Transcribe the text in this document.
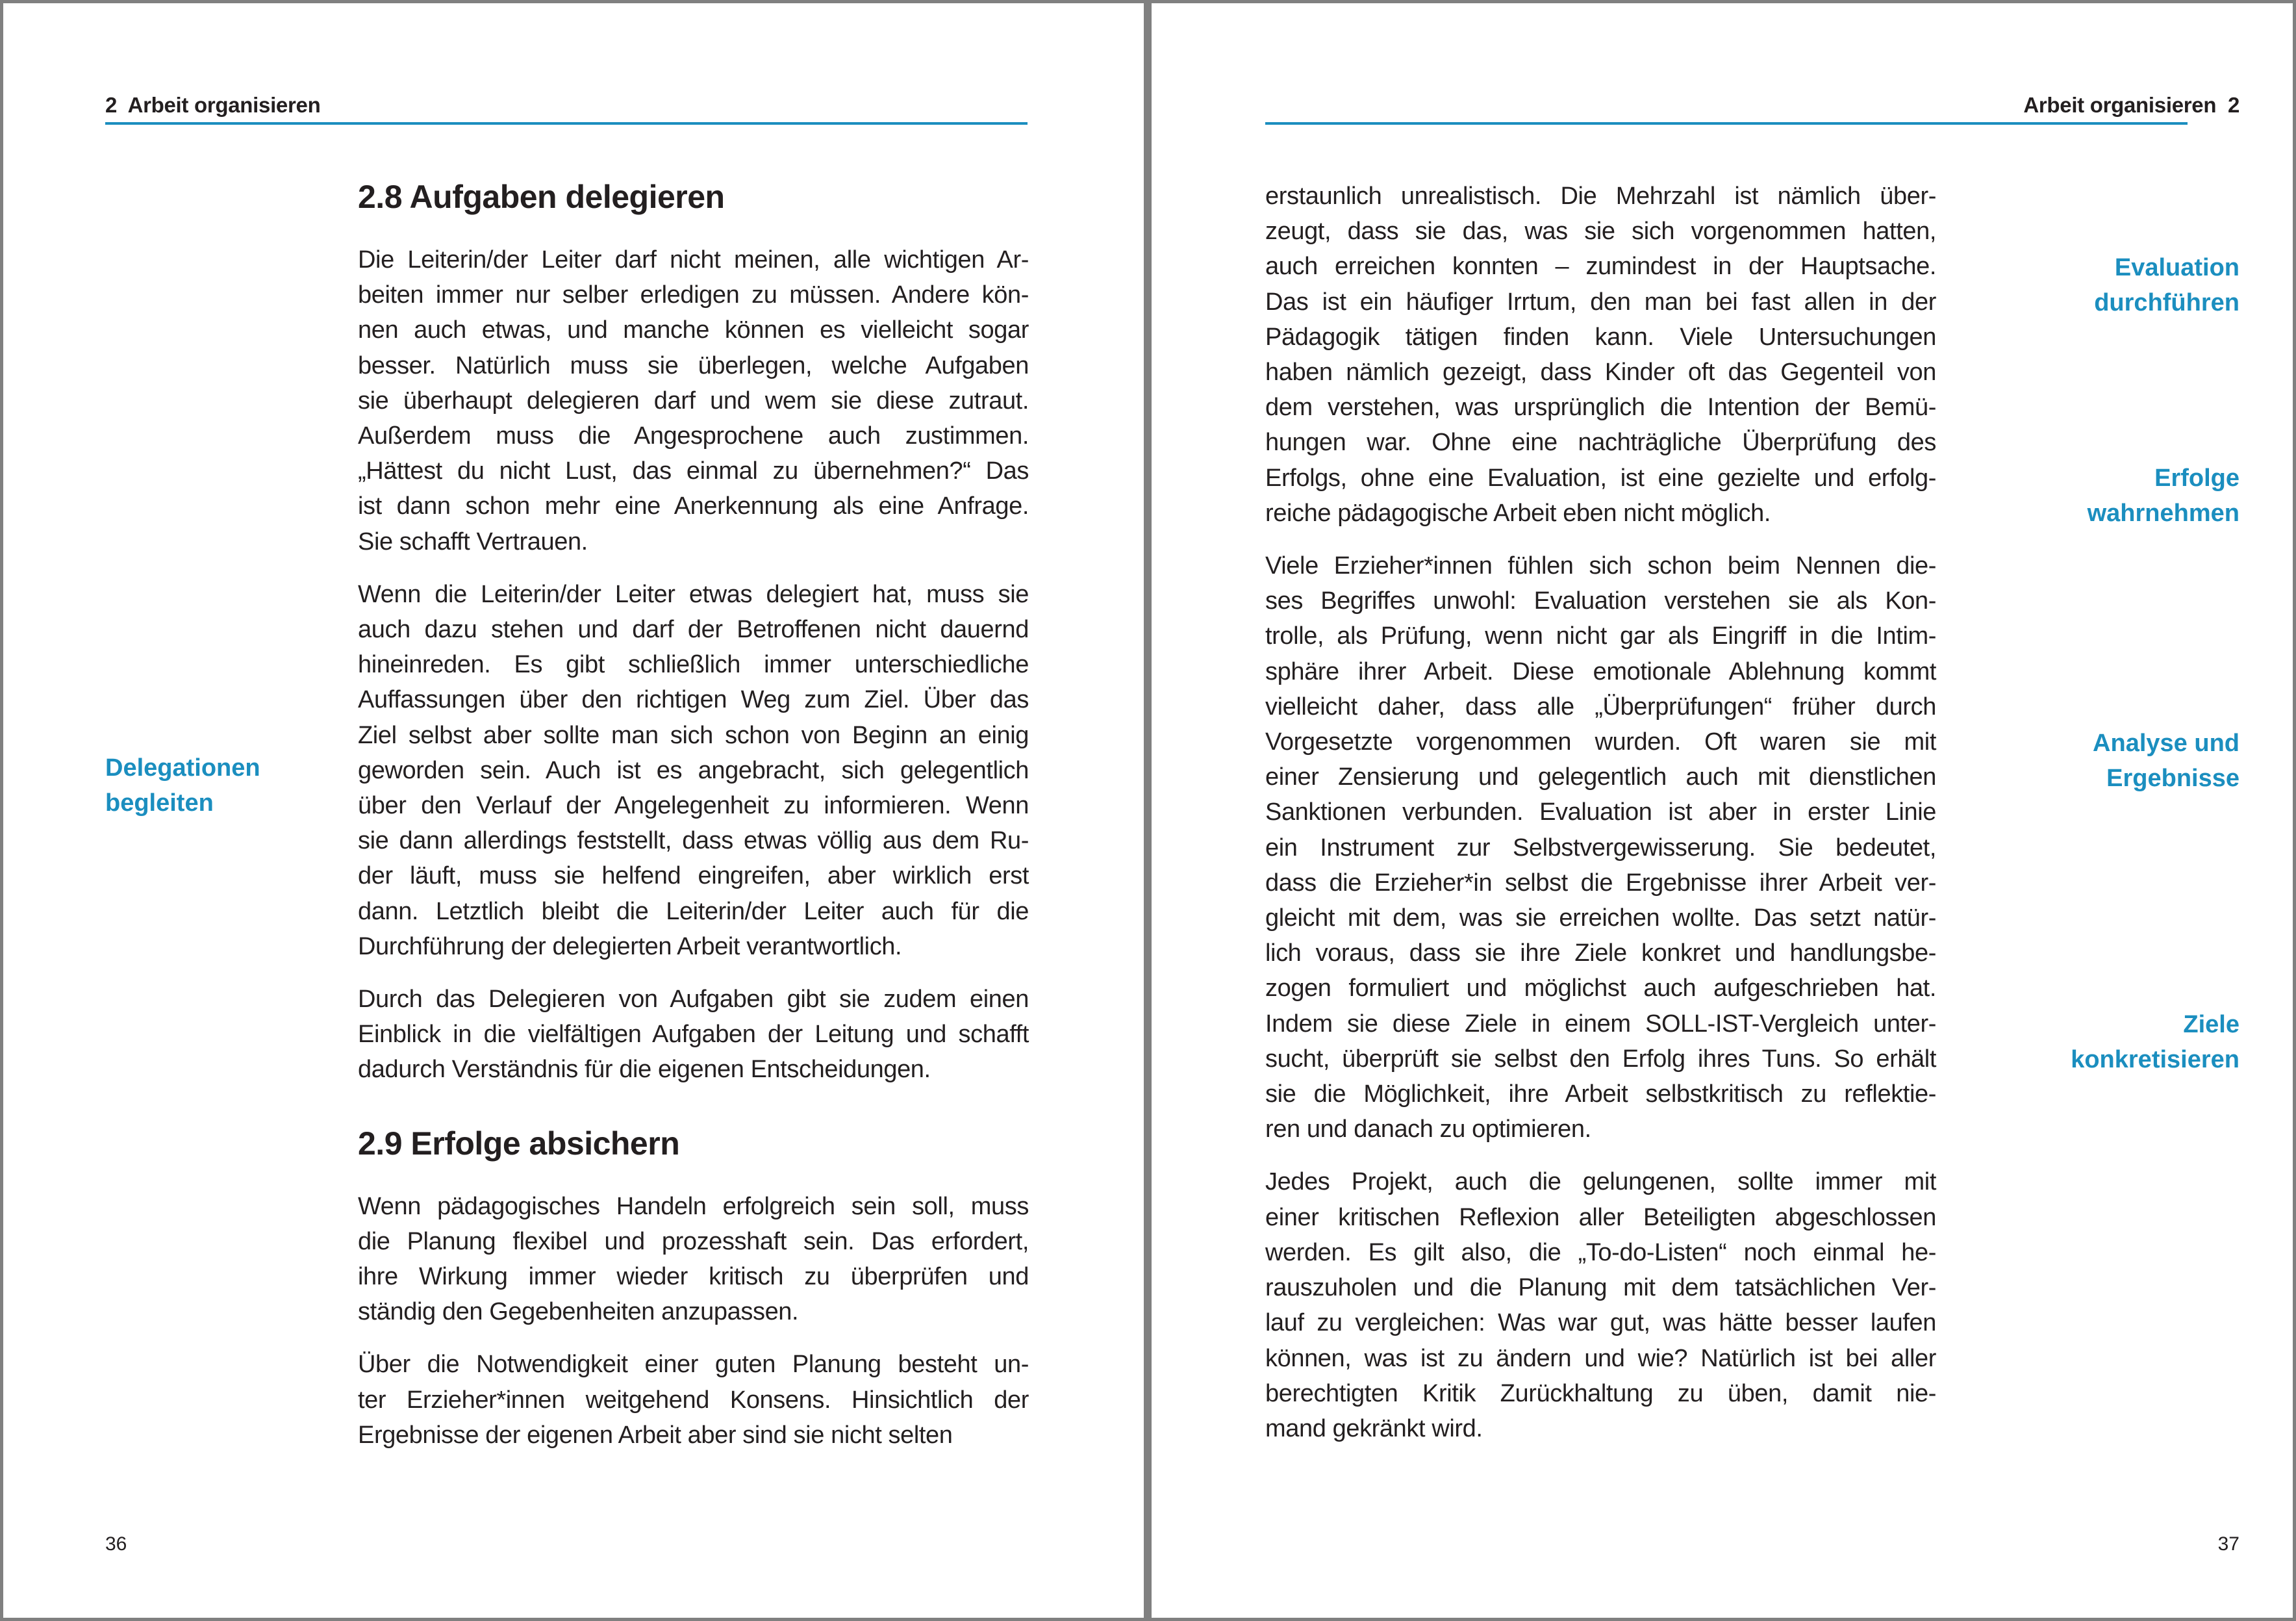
2  Arbeit organisieren
Delegationen
begleiten
2.8 Aufgaben delegieren
Die Leiterin/der Leiter darf nicht meinen, alle wichtigen Ar-
beiten immer nur selber erledigen zu müssen. Andere kön-
nen auch etwas, und manche können es vielleicht sogar
besser. Natürlich muss sie überlegen, welche Aufgaben
sie überhaupt delegieren darf und wem sie diese zutraut.
Außerdem muss die Angesprochene auch zustimmen.
„Hättest du nicht Lust, das einmal zu übernehmen?“ Das
ist dann schon mehr eine Anerkennung als eine Anfrage.
Sie schafft Vertrauen.
Wenn die Leiterin/der Leiter etwas delegiert hat, muss sie
auch dazu stehen und darf der Betroffenen nicht dauernd
hineinreden. Es gibt schließlich immer unterschiedliche
Auffassungen über den richtigen Weg zum Ziel. Über das
Ziel selbst aber sollte man sich schon von Beginn an einig
geworden sein. Auch ist es angebracht, sich gelegentlich
über den Verlauf der Angelegenheit zu informieren. Wenn
sie dann allerdings feststellt, dass etwas völlig aus dem Ru-
der läuft, muss sie helfend eingreifen, aber wirklich erst
dann. Letztlich bleibt die Leiterin/der Leiter auch für die
Durchführung der delegierten Arbeit verantwortlich.
Durch das Delegieren von Aufgaben gibt sie zudem einen
Einblick in die vielfältigen Aufgaben der Leitung und schafft
dadurch Verständnis für die eigenen Entscheidungen.
2.9 Erfolge absichern
Wenn pädagogisches Handeln erfolgreich sein soll, muss
die Planung flexibel und prozesshaft sein. Das erfordert,
ihre Wirkung immer wieder kritisch zu überprüfen und
ständig den Gegebenheiten anzupassen.
Über die Notwendigkeit einer guten Planung besteht un-
ter Erzieher*innen weitgehend Konsens. Hinsichtlich der
Ergebnisse der eigenen Arbeit aber sind sie nicht selten
36
Arbeit organisieren  2
Evaluation
durchführen
Erfolge
wahrnehmen
Analyse und
Ergebnisse
Ziele
konkretisieren
erstaunlich unrealistisch. Die Mehrzahl ist nämlich über-
zeugt, dass sie das, was sie sich vorgenommen hatten,
auch erreichen konnten – zumindest in der Hauptsache.
Das ist ein häufiger Irrtum, den man bei fast allen in der
Pädagogik tätigen finden kann. Viele Untersuchungen
haben nämlich gezeigt, dass Kinder oft das Gegenteil von
dem verstehen, was ursprünglich die Intention der Bemü-
hungen war. Ohne eine nachträgliche Überprüfung des
Erfolgs, ohne eine Evaluation, ist eine gezielte und erfolg-
reiche pädagogische Arbeit eben nicht möglich.
Viele Erzieher*innen fühlen sich schon beim Nennen die-
ses Begriffes unwohl: Evaluation verstehen sie als Kon-
trolle, als Prüfung, wenn nicht gar als Eingriff in die Intim-
sphäre ihrer Arbeit. Diese emotionale Ablehnung kommt
vielleicht daher, dass alle „Überprüfungen“ früher durch
Vorgesetzte vorgenommen wurden. Oft waren sie mit
einer Zensierung und gelegentlich auch mit dienstlichen
Sanktionen verbunden. Evaluation ist aber in erster Linie
ein Instrument zur Selbstvergewisserung. Sie bedeutet,
dass die Erzieher*in selbst die Ergebnisse ihrer Arbeit ver-
gleicht mit dem, was sie erreichen wollte. Das setzt natür-
lich voraus, dass sie ihre Ziele konkret und handlungsbe-
zogen formuliert und möglichst auch aufgeschrieben hat.
Indem sie diese Ziele in einem SOLL-IST-Vergleich unter-
sucht, überprüft sie selbst den Erfolg ihres Tuns. So erhält
sie die Möglichkeit, ihre Arbeit selbstkritisch zu reflektie-
ren und danach zu optimieren.
Jedes Projekt, auch die gelungenen, sollte immer mit
einer kritischen Reflexion aller Beteiligten abgeschlossen
werden. Es gilt also, die „To-do-Listen“ noch einmal he-
rauszuholen und die Planung mit dem tatsächlichen Ver-
lauf zu vergleichen: Was war gut, was hätte besser laufen
können, was ist zu ändern und wie? Natürlich ist bei aller
berechtigten Kritik Zurückhaltung zu üben, damit nie-
mand gekränkt wird.
37
